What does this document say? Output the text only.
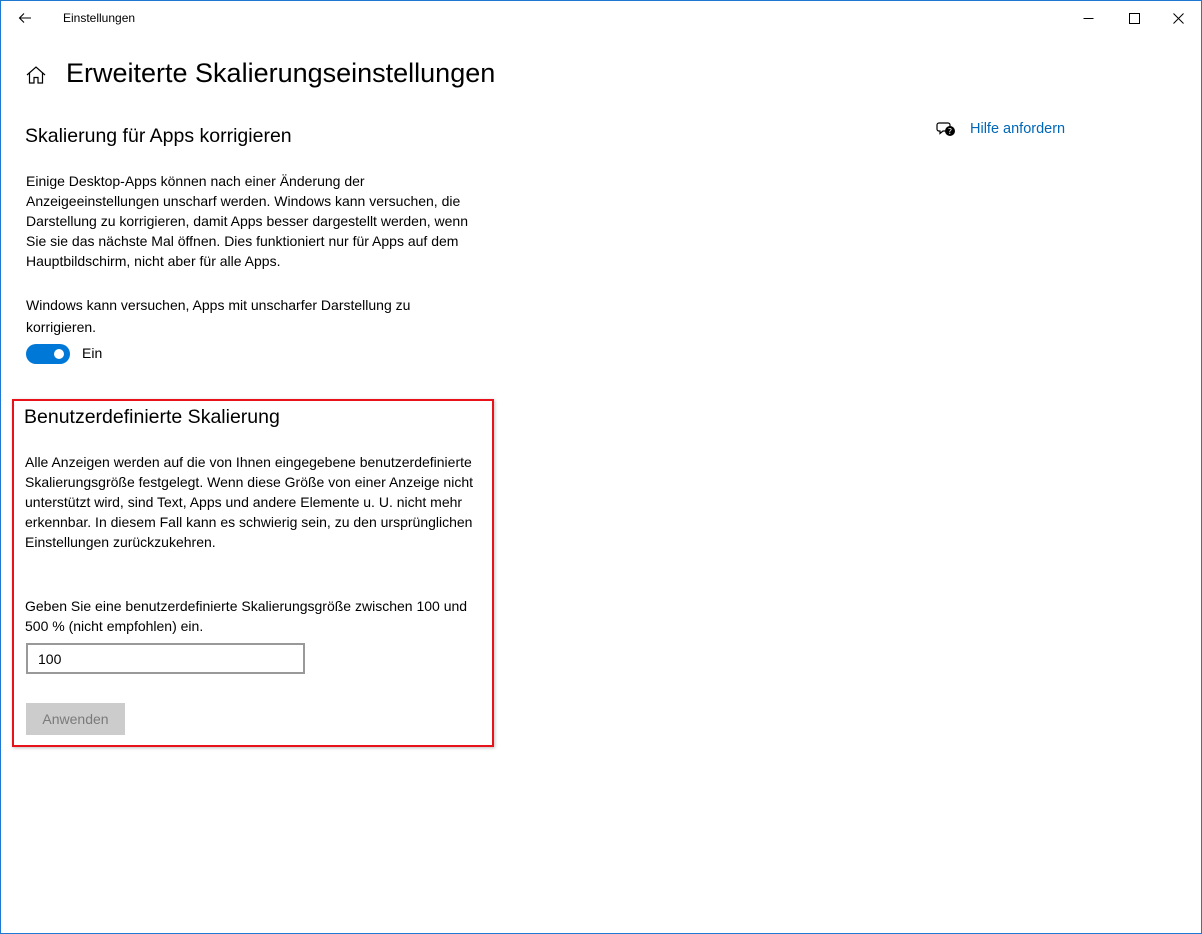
Einstellungen
Erweiterte Skalierungseinstellungen
? Hilfe anfordern
Skalierung für Apps korrigieren
Einige Desktop-Apps können nach einer Änderung der Anzeigeeinstellungen unscharf werden. Windows kann versuchen, die Darstellung zu korrigieren, damit Apps besser dargestellt werden, wenn Sie sie das nächste Mal öffnen. Dies funktioniert nur für Apps auf dem Hauptbildschirm, nicht aber für alle Apps.
Windows kann versuchen, Apps mit unscharfer Darstellung zu korrigieren.
Ein
Benutzerdefinierte Skalierung
Alle Anzeigen werden auf die von Ihnen eingegebene benutzerdefinierte Skalierungsgröße festgelegt. Wenn diese Größe von einer Anzeige nicht unterstützt wird, sind Text, Apps und andere Elemente u. U. nicht mehr erkennbar. In diesem Fall kann es schwierig sein, zu den ursprünglichen Einstellungen zurückzukehren.
Geben Sie eine benutzerdefinierte Skalierungsgröße zwischen 100 und 500 % (nicht empfohlen) ein.
100
Anwenden
